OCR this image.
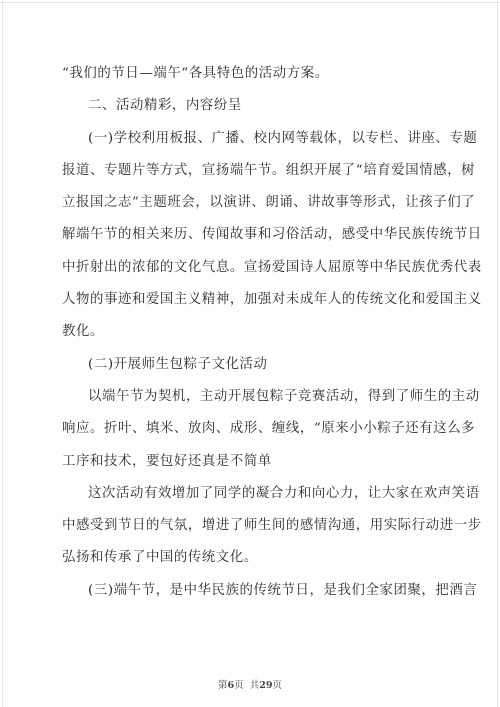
“我们的节日—端午”各具特色的活动方案。
二、活动精彩，内容纷呈
(一)学校利用板报、广播、校内网等载体，以专栏、讲座、专题
报道、专题片等方式，宣扬端午节。组织开展了“培育爱国情感，树
立报国之志”主题班会，以演讲、朗诵、讲故事等形式，让孩子们了
解端午节的相关来历、传闻故事和习俗活动，感受中华民族传统节日
中折射出的浓郁的文化气息。宣扬爱国诗人屈原等中华民族优秀代表
人物的事迹和爱国主义精神，加强对未成年人的传统文化和爱国主义
教化。
(二)开展师生包粽子文化活动
以端午节为契机，主动开展包粽子竞赛活动，得到了师生的主动
响应。折叶、填米、放肉、成形、缠线，“原来小小粽子还有这么多
工序和技术，要包好还真是不简单
这次活动有效增加了同学的凝合力和向心力，让大家在欢声笑语
中感受到节日的气氛，增进了师生间的感情沟通，用实际行动进一步
弘扬和传承了中国的传统文化。
(三)端午节，是中华民族的传统节日，是我们全家团聚，把酒言
第6页  共29页
